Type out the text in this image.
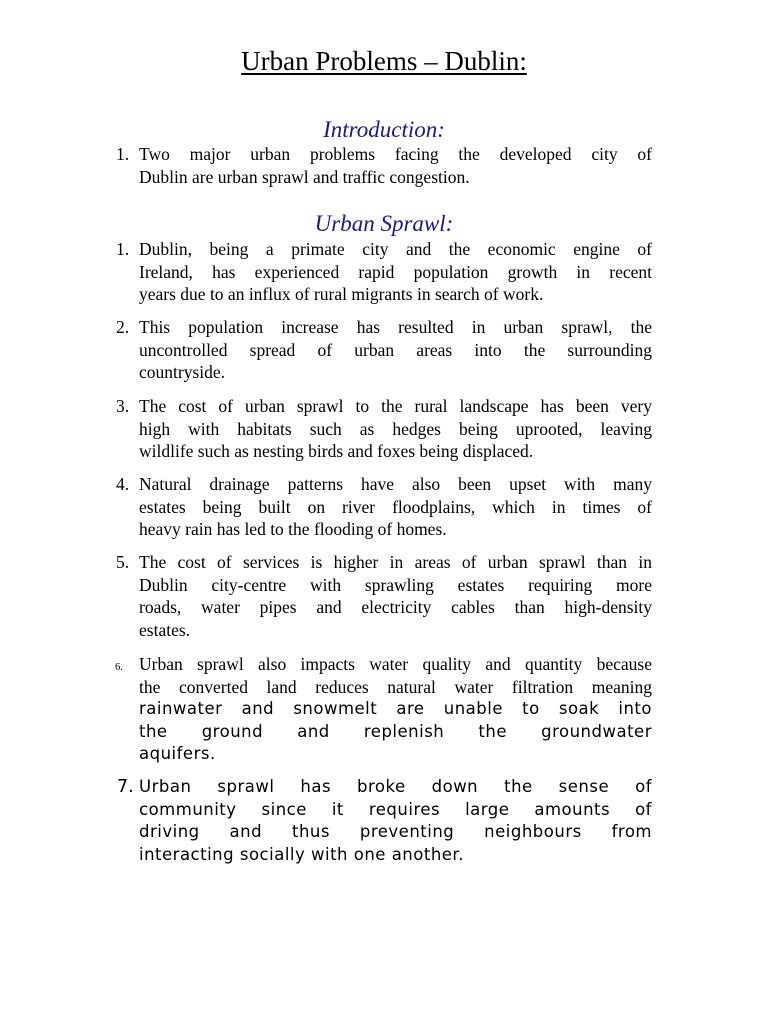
Urban Problems – Dublin:
Introduction:
1. Two major urban problems facing the developed city of
Dublin are urban sprawl and traffic congestion.
Urban Sprawl:
1. Dublin, being a primate city and the economic engine of
Ireland, has experienced rapid population growth in recent
years due to an influx of rural migrants in search of work.
2. This population increase has resulted in urban sprawl, the
uncontrolled spread of urban areas into the surrounding
countryside.
3. The cost of urban sprawl to the rural landscape has been very
high with habitats such as hedges being uprooted, leaving
wildlife such as nesting birds and foxes being displaced.
4. Natural drainage patterns have also been upset with many
estates being built on river floodplains, which in times of
heavy rain has led to the flooding of homes.
5. The cost of services is higher in areas of urban sprawl than in
Dublin city-centre with sprawling estates requiring more
roads, water pipes and electricity cables than high-density
estates.
6. Urban sprawl also impacts water quality and quantity because
the converted land reduces natural water filtration meaning
rainwater and snowmelt are unable to soak into
the ground and replenish the groundwater
aquifers.
7. Urban sprawl has broke down the sense of
community since it requires large amounts of
driving and thus preventing neighbours from
interacting socially with one another.
